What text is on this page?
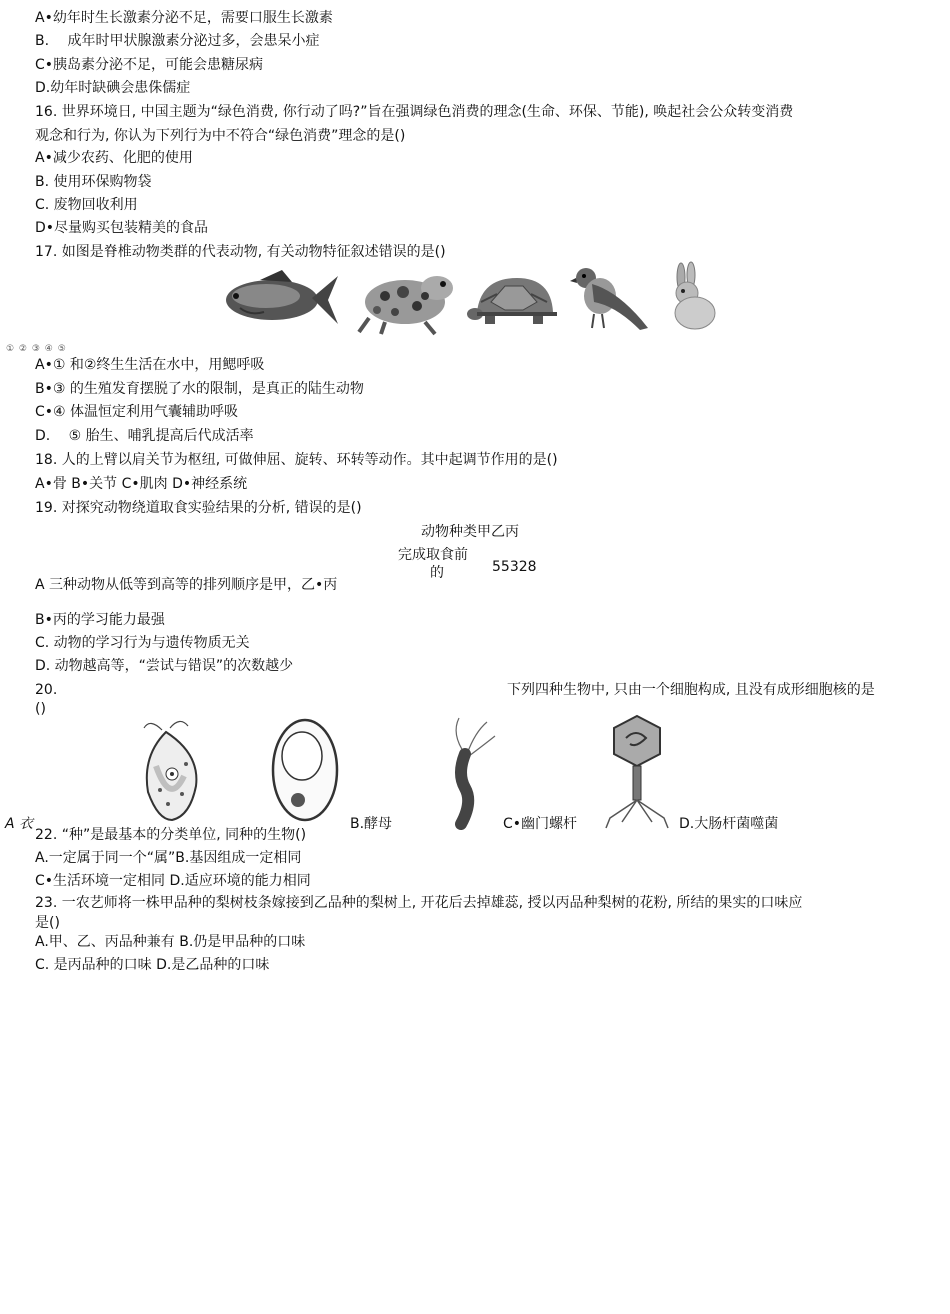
A•幼年时生长激素分泌不足，需要口服生长激素
B.　 成年时甲状腺激素分泌过多，会患呆小症
C•胰岛素分泌不足，可能会患糖尿病
D.幼年时缺碘会患侏儒症
16. 世界环境日, 中国主题为“绿色消费, 你行动了吗?”旨在强调绿色消费的理念(生命、环保、节能), 唤起社会公众转变消费
观念和行为, 你认为下列行为中不符合“绿色消费”理念的是()
A•减少农药、化肥的使用
B. 使用环保购物袋
C. 废物回收利用
D•尽量购买包装精美的食品
17. 如图是脊椎动物类群的代表动物, 有关动物特征叙述错误的是()
① ② ③ ④ ⑤
A•① 和②终生生活在水中，用鳃呼吸
B•③ 的生殖发育摆脱了水的限制，是真正的陆生动物
C•④ 体温恒定利用气囊辅助呼吸
D.　 ⑤ 胎生、哺乳提高后代成活率
18. 人的上臂以肩关节为枢纽, 可做伸屈、旋转、环转等动作。其中起调节作用的是()
A•骨 B•关节 C•肌肉 D•神经系统
19. 对探究动物绕道取食实验结果的分析, 错误的是()
动物种类甲乙丙
完成取食前
的	55328
A 三种动物从低等到高等的排列顺序是甲，乙•丙
B•丙的学习能力最强
C. 动物的学习行为与遗传物质无关
D. 动物越高等，“尝试与错误”的次数越少
20.	下列四种生物中, 只由一个细胞构成, 且没有成形细胞核的是
()
A 衣	B.酵母	C•幽门螺杆	D.大肠杆菌噬菌
22. “种”是最基本的分类单位, 同种的生物()
A.一定属于同一个“属”B.基因组成一定相同
C•生活环境一定相同 D.适应环境的能力相同
23. 一农艺师将一株甲品种的梨树枝条嫁接到乙品种的梨树上, 开花后去掉雄蕊, 授以丙品种梨树的花粉, 所结的果实的口味应
是()
A.甲、乙、丙品种兼有 B.仍是甲品种的口味
C. 是丙品种的口味 D.是乙品种的口味
